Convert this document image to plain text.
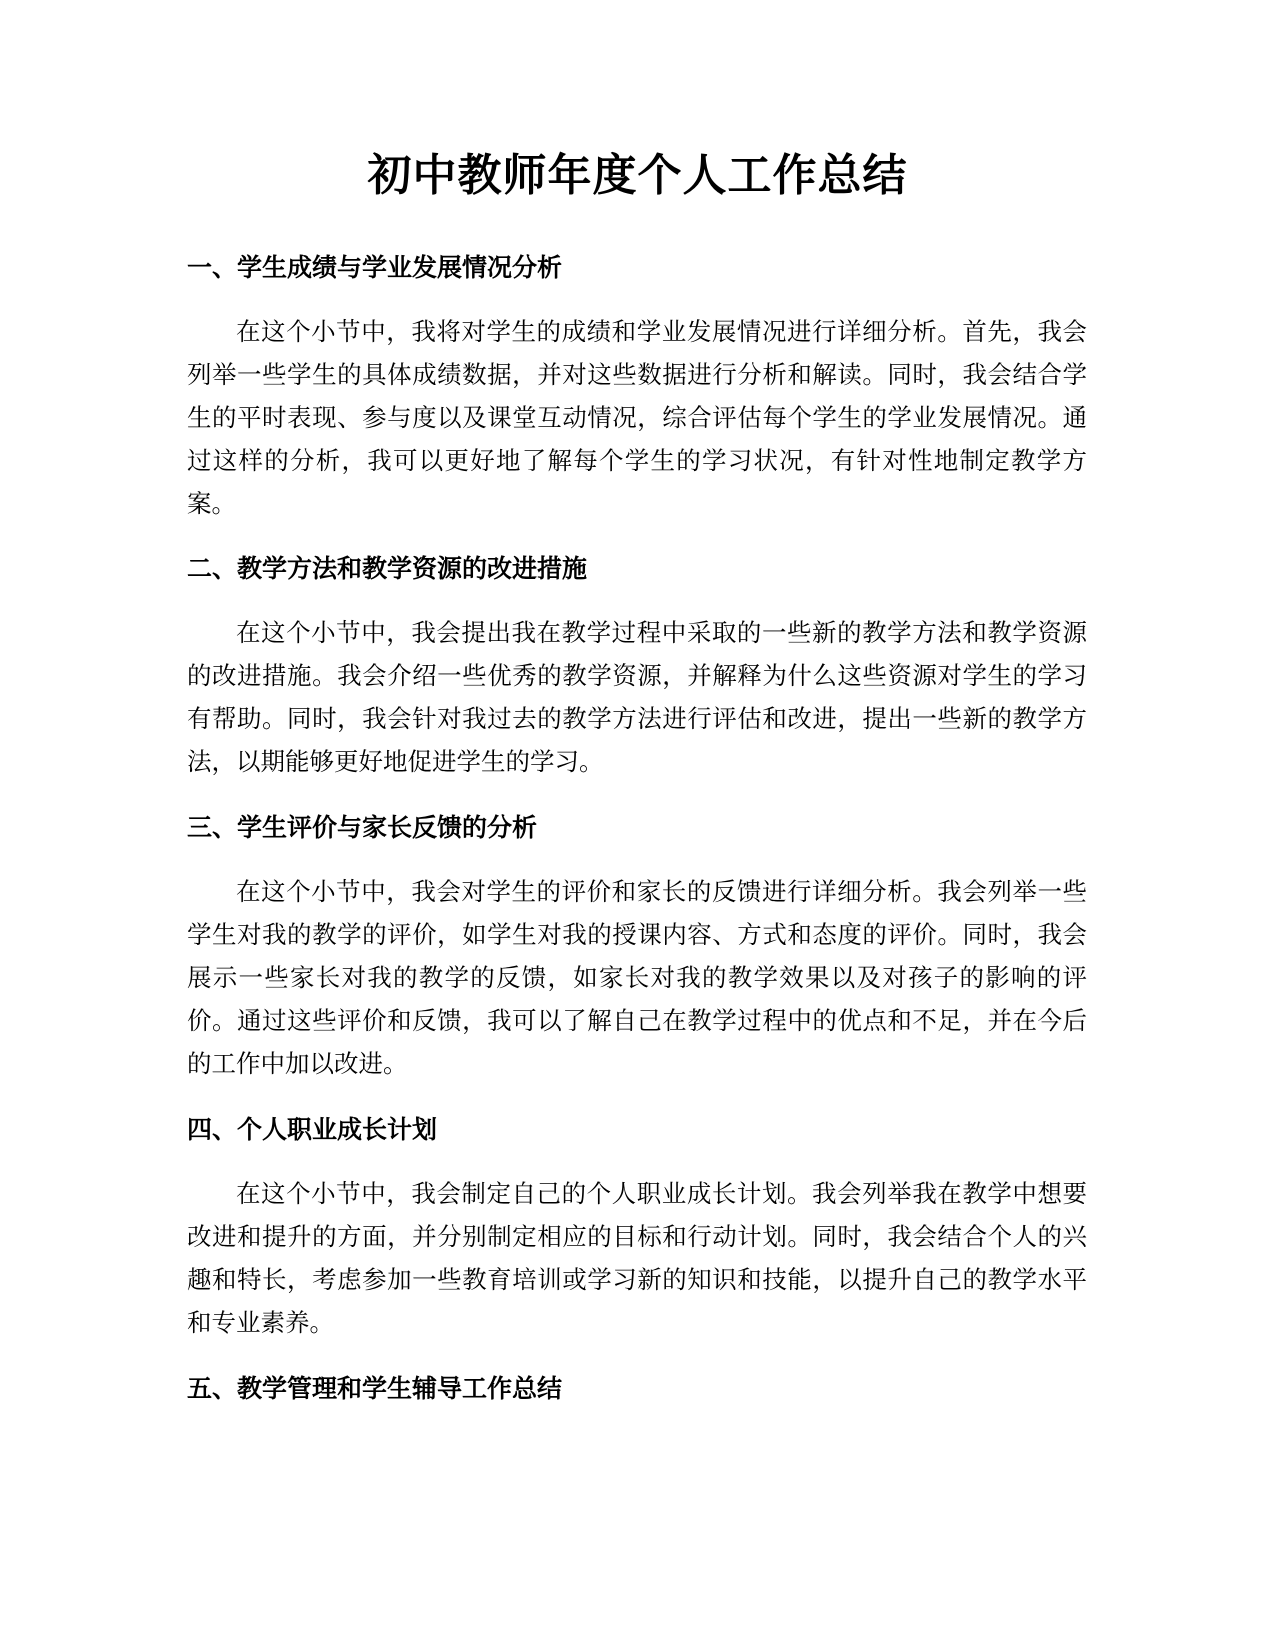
初中教师年度个人工作总结
一、学生成绩与学业发展情况分析

在这个小节中，我将对学生的成绩和学业发展情况进行详细分析。首先，我会列举一些学生的具体成绩数据，并对这些数据进行分析和解读。同时，我会结合学生的平时表现、参与度以及课堂互动情况，综合评估每个学生的学业发展情况。通过这样的分析，我可以更好地了解每个学生的学习状况，有针对性地制定教学方案。

二、教学方法和教学资源的改进措施

在这个小节中，我会提出我在教学过程中采取的一些新的教学方法和教学资源的改进措施。我会介绍一些优秀的教学资源，并解释为什么这些资源对学生的学习有帮助。同时，我会针对我过去的教学方法进行评估和改进，提出一些新的教学方法，以期能够更好地促进学生的学习。

三、学生评价与家长反馈的分析

在这个小节中，我会对学生的评价和家长的反馈进行详细分析。我会列举一些学生对我的教学的评价，如学生对我的授课内容、方式和态度的评价。同时，我会展示一些家长对我的教学的反馈，如家长对我的教学效果以及对孩子的影响的评价。通过这些评价和反馈，我可以了解自己在教学过程中的优点和不足，并在今后的工作中加以改进。

四、个人职业成长计划

在这个小节中，我会制定自己的个人职业成长计划。我会列举我在教学中想要改进和提升的方面，并分别制定相应的目标和行动计划。同时，我会结合个人的兴趣和特长，考虑参加一些教育培训或学习新的知识和技能，以提升自己的教学水平和专业素养。

五、教学管理和学生辅导工作总结
